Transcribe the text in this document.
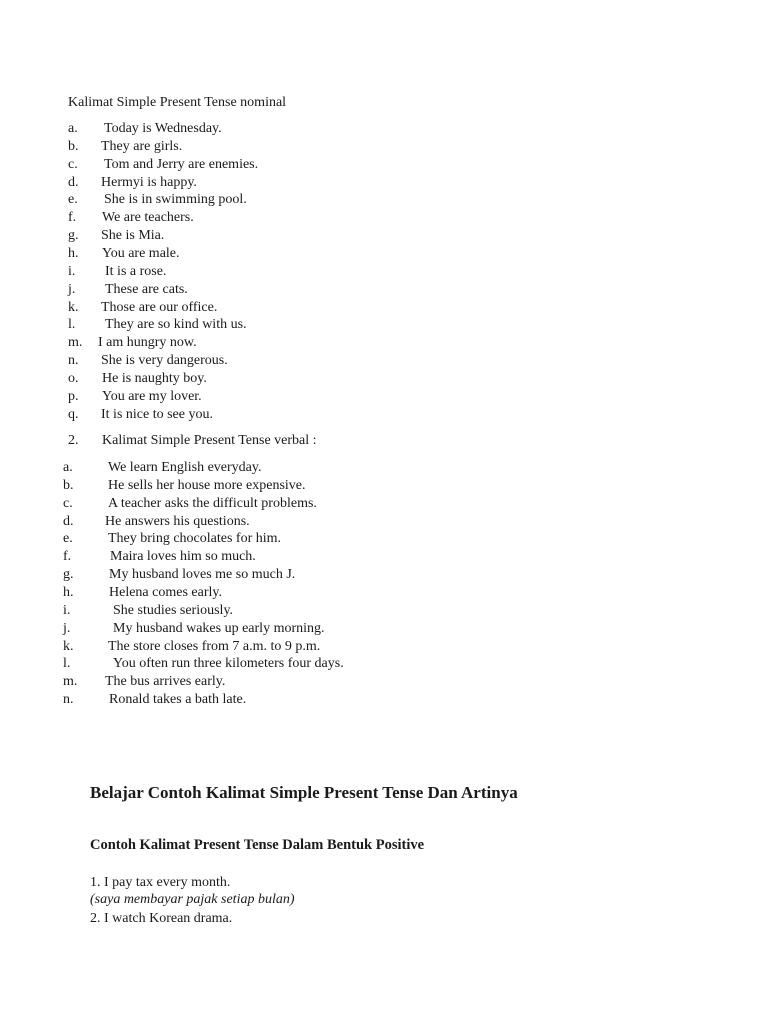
Kalimat Simple Present Tense nominal
a. Today is Wednesday.
b. They are girls.
c. Tom and Jerry are enemies.
d. Hermyi is happy.
e. She is in swimming pool.
f. We are teachers.
g. She is Mia.
h. You are male.
i. It is a rose.
j. These are cats.
k. Those are our office.
l. They are so kind with us.
m. I am hungry now.
n. She is very dangerous.
o. He is naughty boy.
p. You are my lover.
q. It is nice to see you.
2. Kalimat Simple Present Tense verbal :
a.	We learn English everyday.
b. He sells her house more expensive.
c.	A teacher asks the difficult problems.
d. He answers his questions.
e.	They bring chocolates for him.
f.	Maira loves him so much.
g.	My husband loves me so much J.
h.	Helena comes early.
i.	She studies seriously.
j.	My husband wakes up early morning.
k. The store closes from 7 a.m. to 9 p.m.
l.	You often run three kilometers four days.
m. The bus arrives early.
n.	Ronald takes a bath late.
Belajar Contoh Kalimat Simple Present Tense Dan Artinya
Contoh Kalimat Present Tense Dalam Bentuk Positive
1. I pay tax every month.
(saya membayar pajak setiap bulan)
2. I watch Korean drama.
